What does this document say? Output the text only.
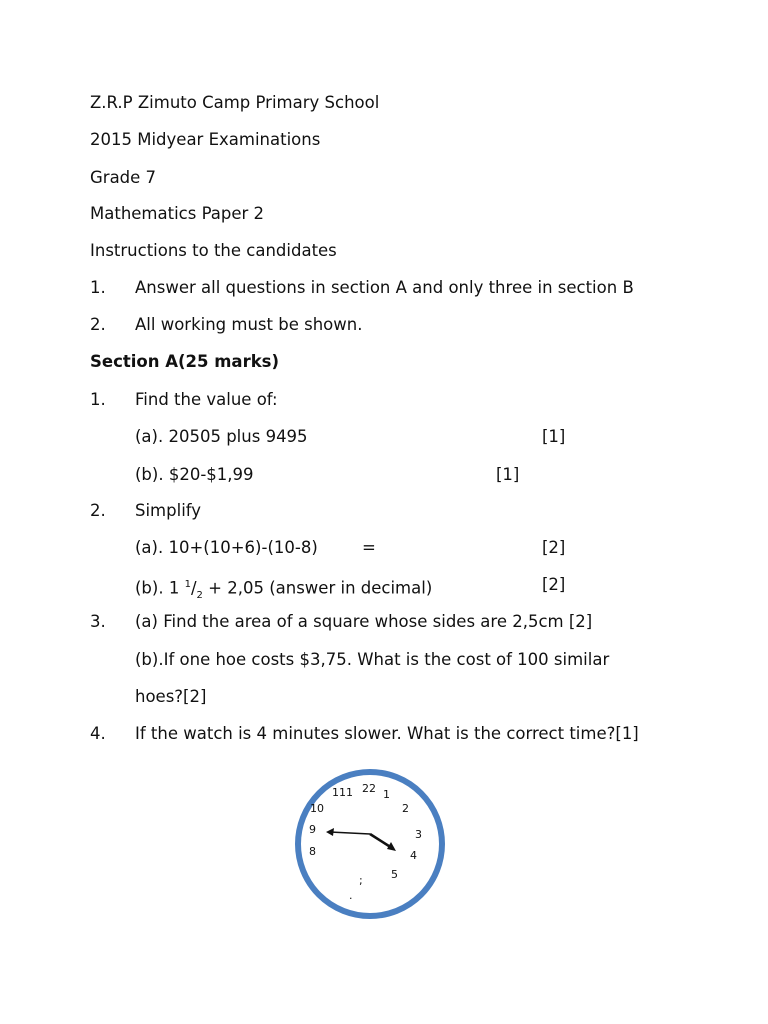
Z.R.P Zimuto Camp Primary School
2015 Midyear Examinations
Grade 7
Mathematics Paper 2
Instructions to the candidates
1. Answer all questions in section A and only three in section B
2. All working must be shown.
Section A(25 marks)
1. Find the value of:
(a). 20505 plus 9495	[1]
(b). $20-$1,99	[1]
2. Simplify
(a). 10+(10+6)-(10-8)	=	[2]
(b). 1 $^1/_2 + 2,05$ (answer in decimal)	[2]
3. (a) Find the area of a square whose sides are 2,5cm [2]
(b).If one hoe costs $3,75. What is the cost of 100 similar
hoes?[2]
4. If the watch is 4 minutes slower. What is the correct time?[1]
111 22 1
10	2
9	3
8	4
5
;
.
